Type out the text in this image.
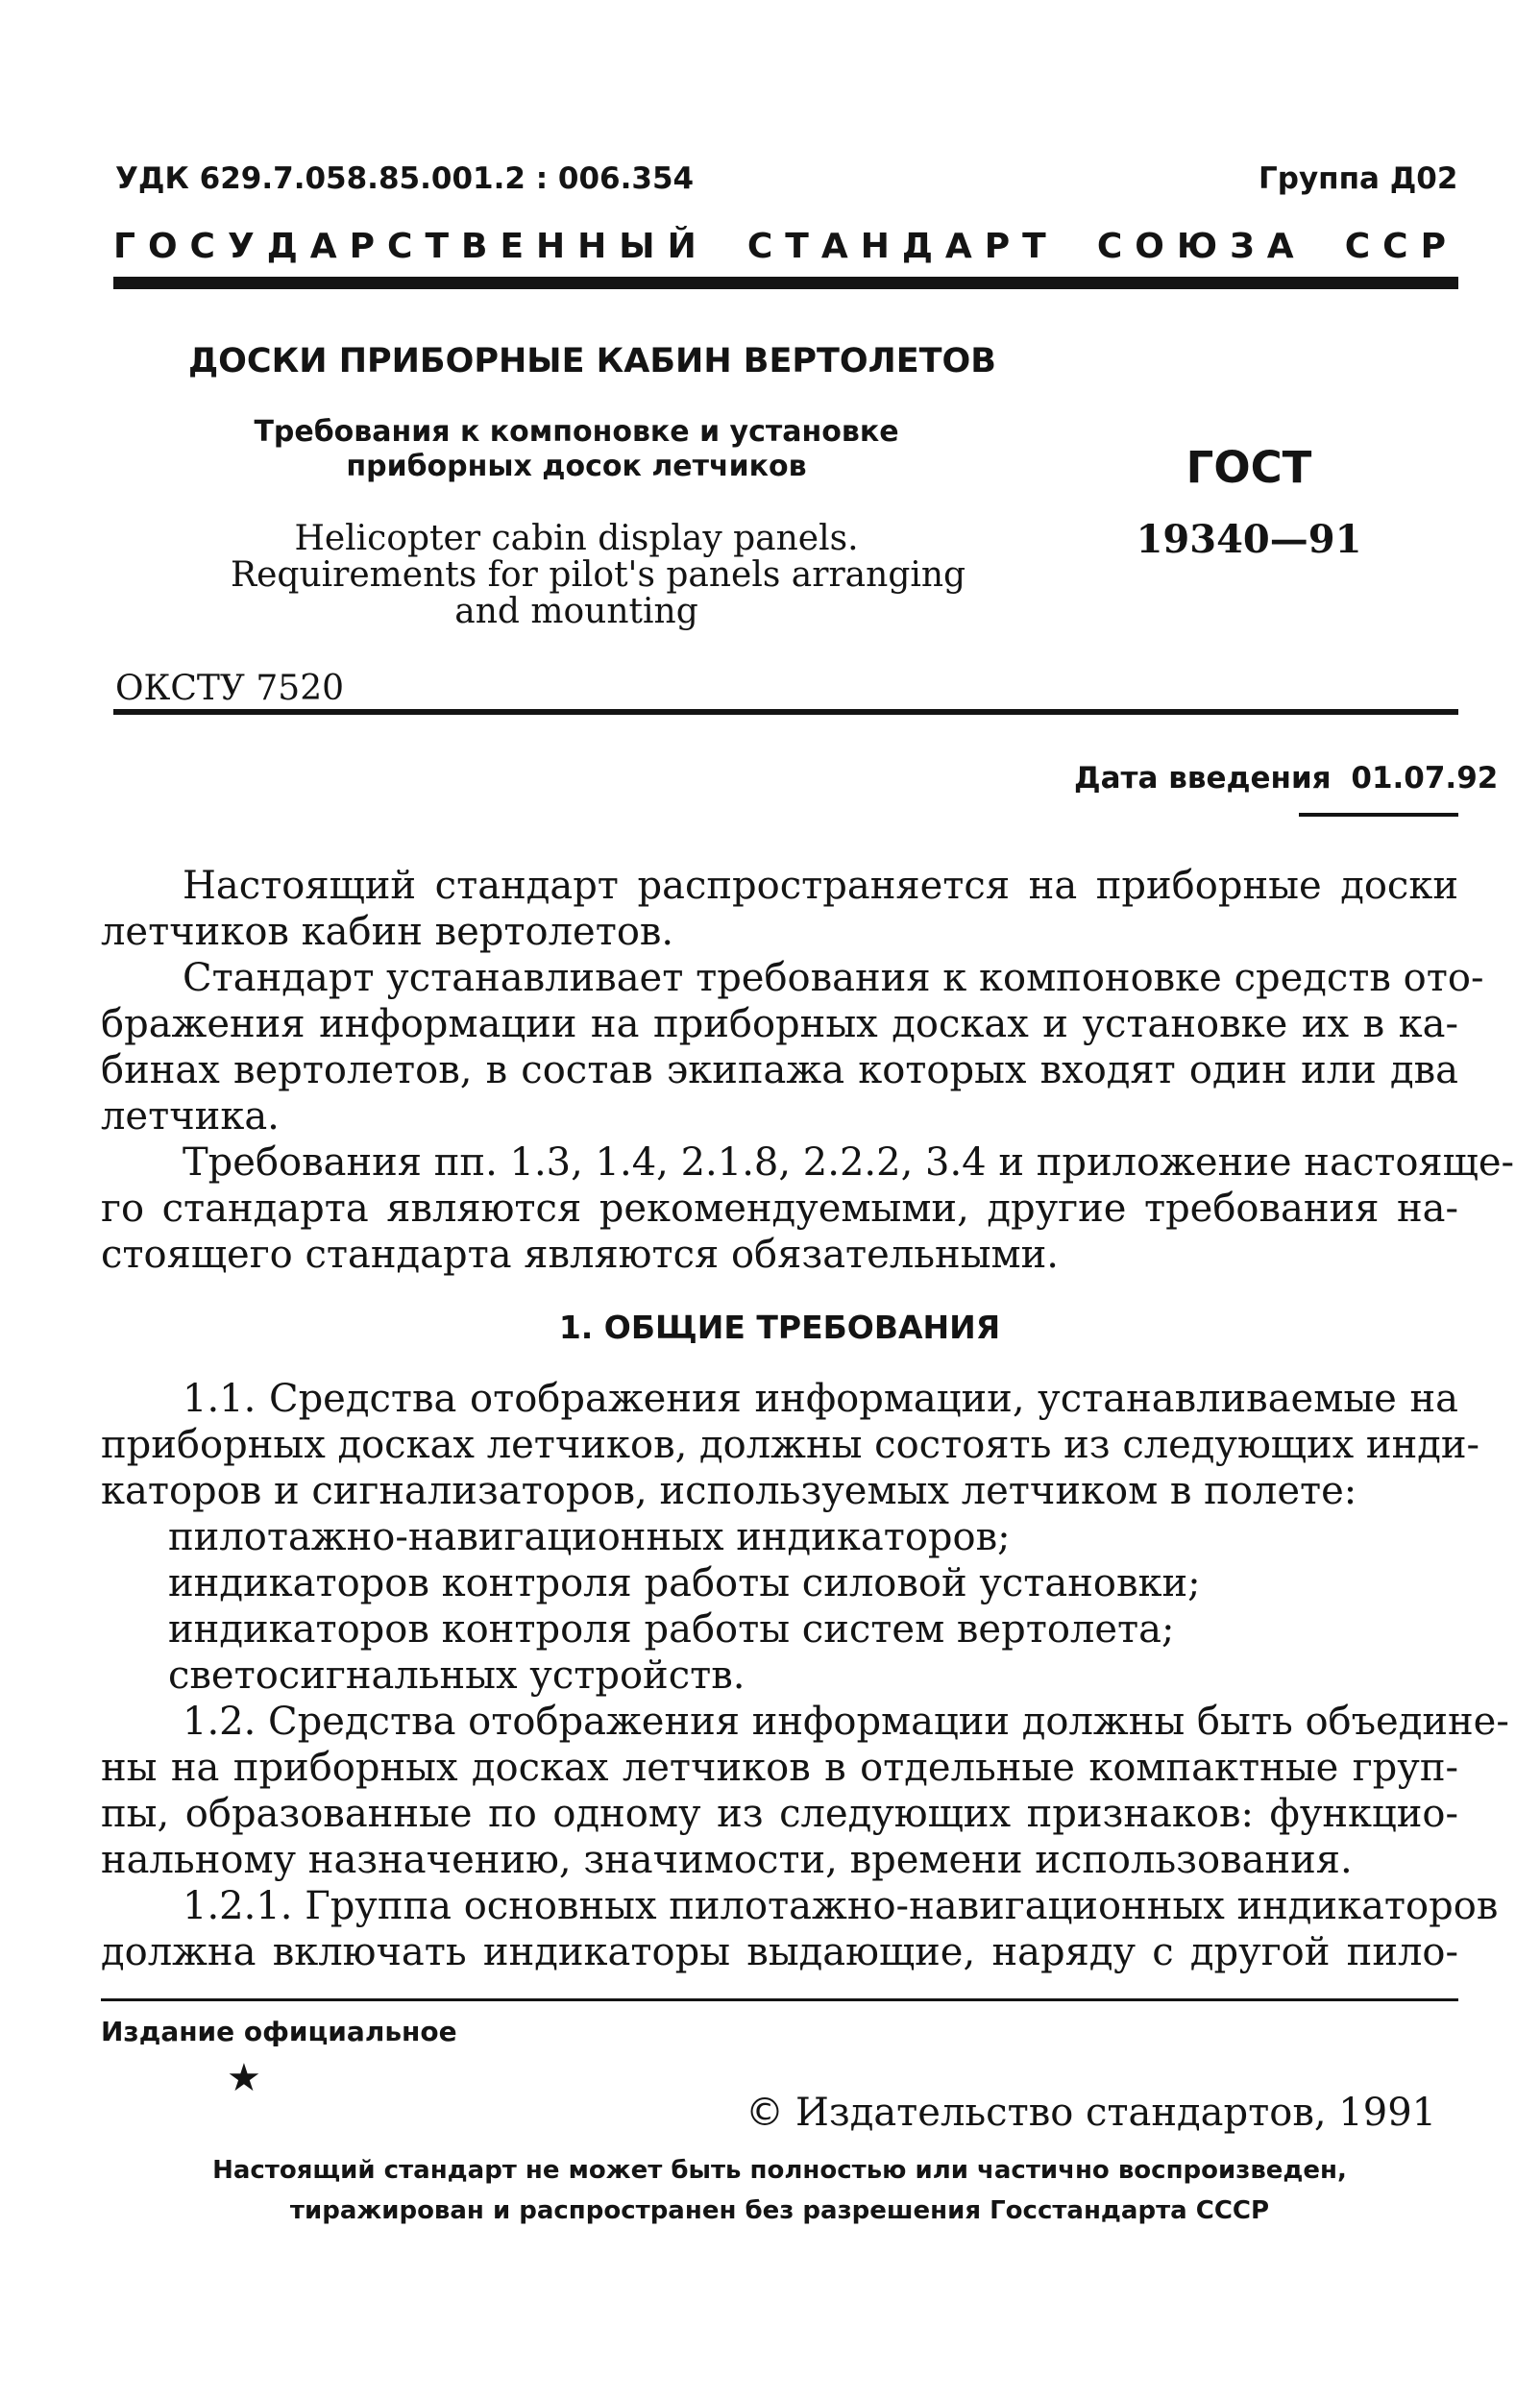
УДК 629.7.058.85.001.2 : 006.354	Группа Д02
ГОСУДАРСТВЕННЫЙ СТАНДАРТ СОЮЗА ССР
ДОСКИ ПРИБОРНЫЕ КАБИН ВЕРТОЛЕТОВ
Требования к компоновке и установке
приборных досок летчиков
Helicopter cabin display panels.
Requirements for pilot's panels arranging
and mounting
ГОСТ
19340—91
ОКСТУ 7520
Дата введения 01.07.92
Настоящий стандарт распространяется на приборные доски
летчиков кабин вертолетов.
Стандарт устанавливает требования к компоновке средств ото-
бражения информации на приборных досках и установке их в ка-
бинах вертолетов, в состав экипажа которых входят один или два
летчика.
Требования пп. 1.3, 1.4, 2.1.8, 2.2.2, 3.4 и приложение настояще-
го стандарта являются рекомендуемыми, другие требования на-
стоящего стандарта являются обязательными.
1. ОБЩИЕ ТРЕБОВАНИЯ
1.1. Средства отображения информации, устанавливаемые на
приборных досках летчиков, должны состоять из следующих инди-
каторов и сигнализаторов, используемых летчиком в полете:
пилотажно-навигационных индикаторов;
индикаторов контроля работы силовой установки;
индикаторов контроля работы систем вертолета;
светосигнальных устройств.
1.2. Средства отображения информации должны быть объедине-
ны на приборных досках летчиков в отдельные компактные груп-
пы, образованные по одному из следующих признаков: функцио-
нальному назначению, значимости, времени использования.
1.2.1. Группа основных пилотажно-навигационных индикаторов
должна включать индикаторы выдающие, наряду с другой пило-
Издание официальное
★
© Издательство стандартов, 1991
Настоящий стандарт не может быть полностью или частично воспроизведен,
тиражирован и распространен без разрешения Госстандарта СССР
